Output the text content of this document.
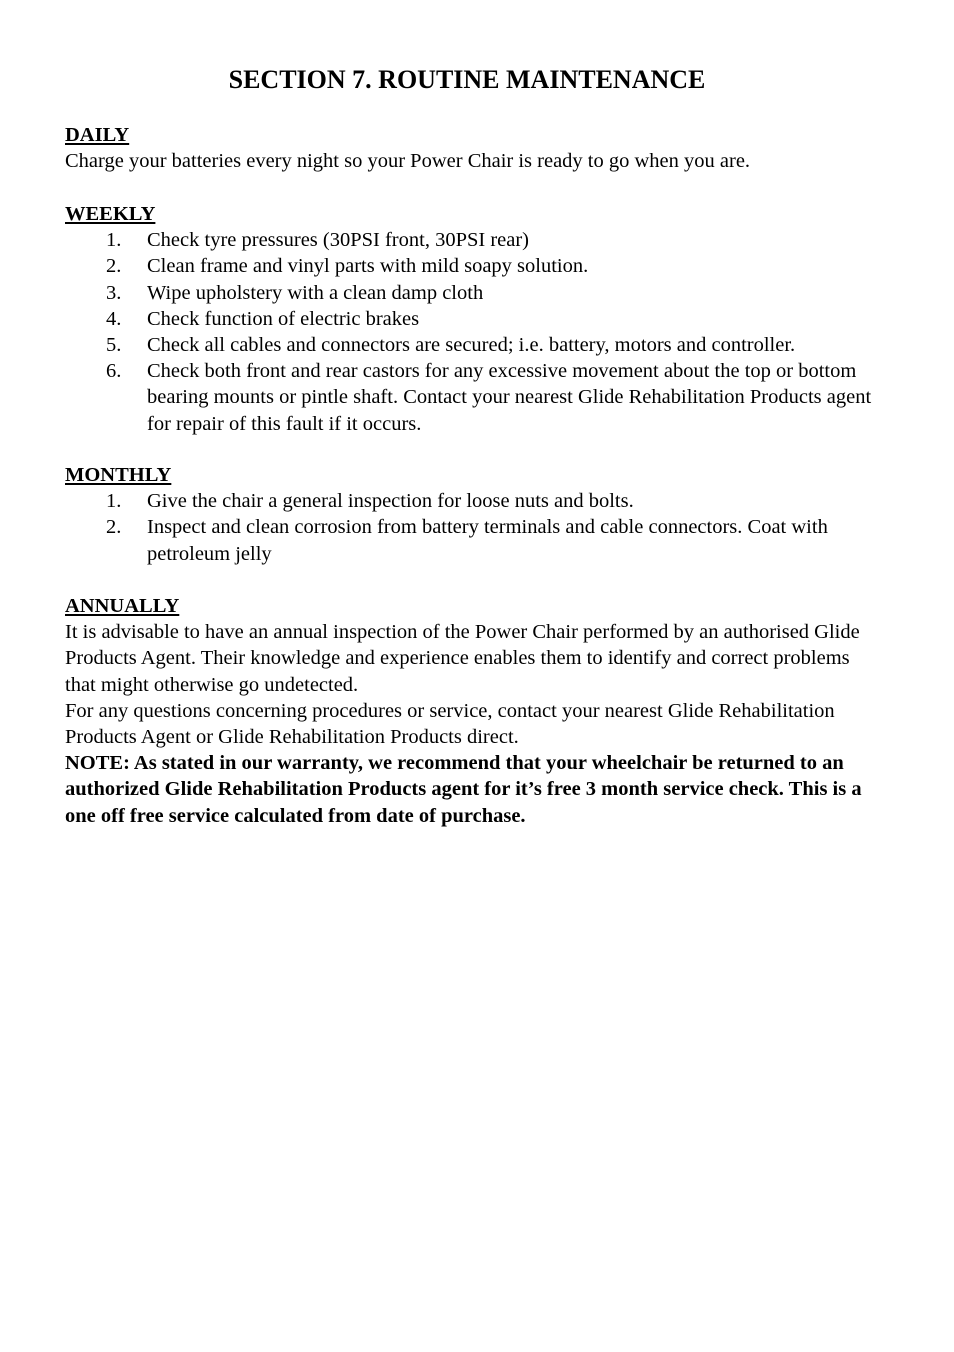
SECTION 7. ROUTINE MAINTENANCE
DAILY
Charge your batteries every night so your Power Chair is ready to go when you are.
WEEKLY
1.	Check tyre pressures (30PSI front, 30PSI rear)
2.	Clean frame and vinyl parts with mild soapy solution.
3.	Wipe upholstery with a clean damp cloth
4.	Check function of electric brakes
5.	Check all cables and connectors are secured; i.e. battery, motors and controller.
6.	Check both front and rear castors for any excessive movement about the top or bottom bearing mounts or pintle shaft. Contact your nearest Glide Rehabilitation Products agent for repair of this fault if it occurs.
MONTHLY
1.	Give the chair a general inspection for loose nuts and bolts.
2.	Inspect and clean corrosion from battery terminals and cable connectors. Coat with petroleum jelly
ANNUALLY
It is advisable to have an annual inspection of the Power Chair performed by an authorised Glide Products Agent. Their knowledge and experience enables them to identify and correct problems that might otherwise go undetected.
For any questions concerning procedures or service, contact your nearest Glide Rehabilitation Products Agent or Glide Rehabilitation Products direct.
NOTE: As stated in our warranty, we recommend that your wheelchair be returned to an authorized Glide Rehabilitation Products agent for it’s free 3 month service check. This is a one off free service calculated from date of purchase.
